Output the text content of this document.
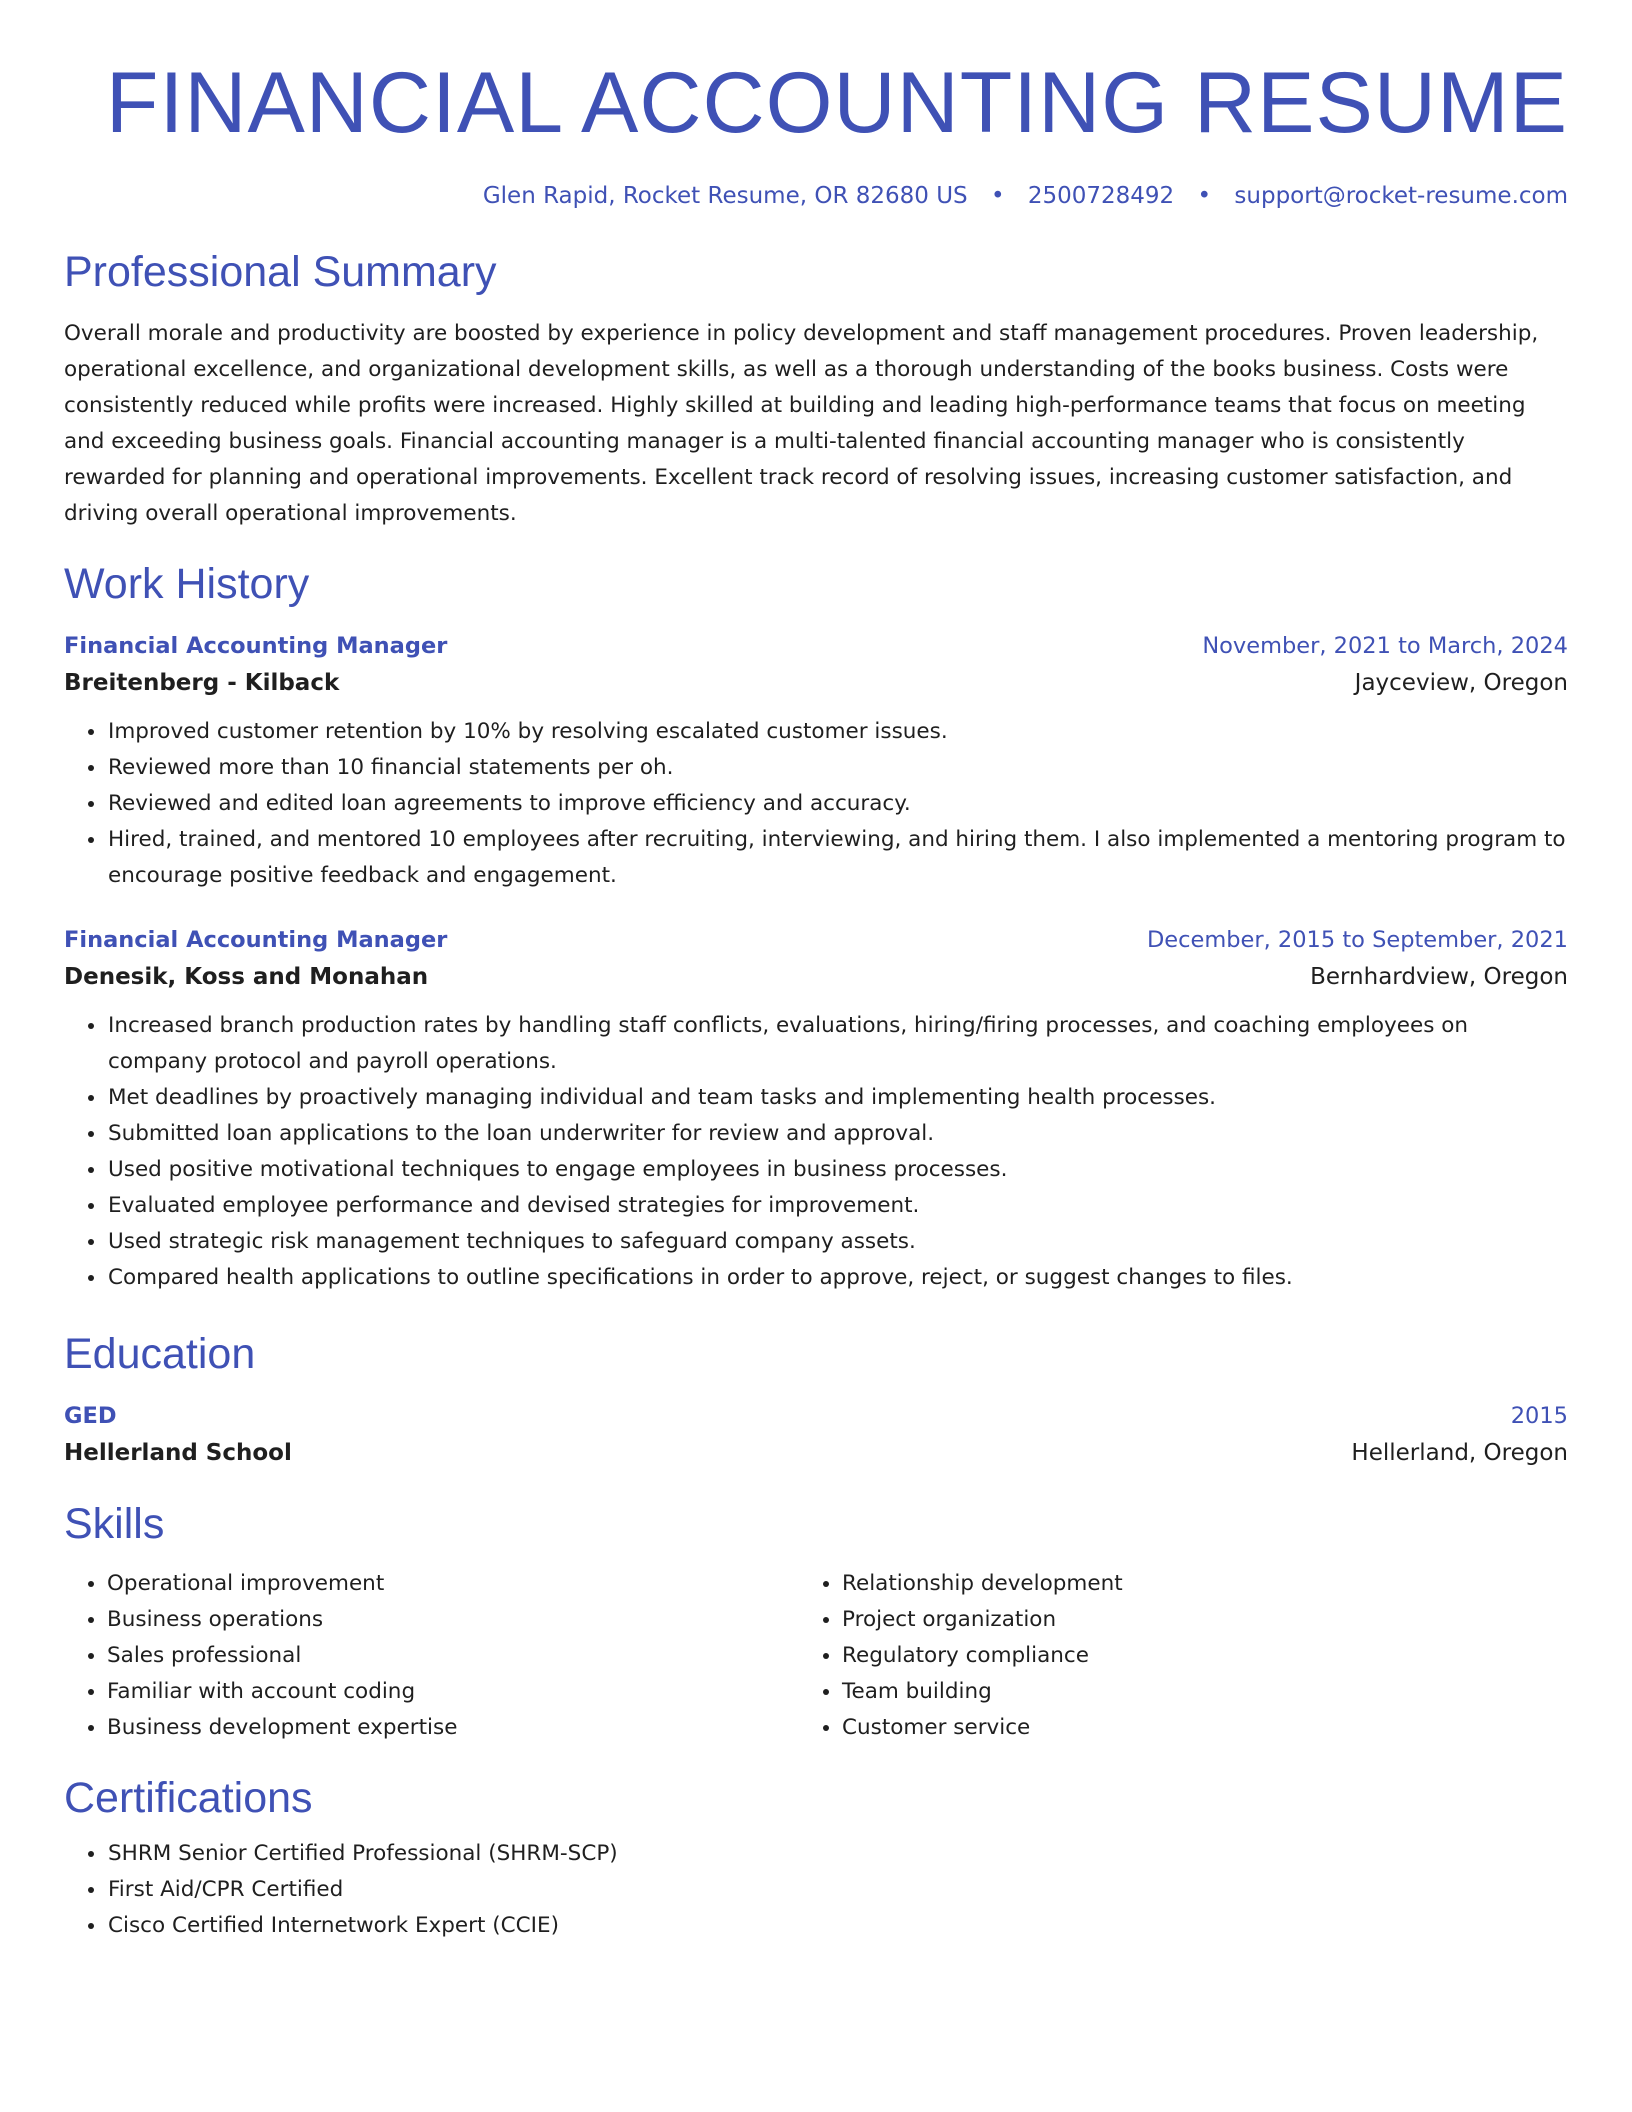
FINANCIAL ACCOUNTING RESUME
Glen Rapid, Rocket Resume, OR 82680 US • 2500728492 • support@rocket-resume.com
Professional Summary
Overall morale and productivity are boosted by experience in policy development and staff management procedures. Proven leadership, operational excellence, and organizational development skills, as well as a thorough understanding of the books business. Costs were consistently reduced while profits were increased. Highly skilled at building and leading high-performance teams that focus on meeting and exceeding business goals. Financial accounting manager is a multi-talented financial accounting manager who is consistently rewarded for planning and operational improvements. Excellent track record of resolving issues, increasing customer satisfaction, and driving overall operational improvements.
Work History
Financial Accounting Manager	November, 2021 to March, 2024
Breitenberg - Kilback	Jayceview, Oregon
• Improved customer retention by 10% by resolving escalated customer issues.
• Reviewed more than 10 financial statements per oh.
• Reviewed and edited loan agreements to improve efficiency and accuracy.
• Hired, trained, and mentored 10 employees after recruiting, interviewing, and hiring them. I also implemented a mentoring program to encourage positive feedback and engagement.
Financial Accounting Manager	December, 2015 to September, 2021
Denesik, Koss and Monahan	Bernhardview, Oregon
• Increased branch production rates by handling staff conflicts, evaluations, hiring/firing processes, and coaching employees on company protocol and payroll operations.
• Met deadlines by proactively managing individual and team tasks and implementing health processes.
• Submitted loan applications to the loan underwriter for review and approval.
• Used positive motivational techniques to engage employees in business processes.
• Evaluated employee performance and devised strategies for improvement.
• Used strategic risk management techniques to safeguard company assets.
• Compared health applications to outline specifications in order to approve, reject, or suggest changes to files.
Education
GED	2015
Hellerland School	Hellerland, Oregon
Skills
• Operational improvement
• Business operations
• Sales professional
• Familiar with account coding
• Business development expertise
• Relationship development
• Project organization
• Regulatory compliance
• Team building
• Customer service
Certifications
• SHRM Senior Certified Professional (SHRM-SCP)
• First Aid/CPR Certified
• Cisco Certified Internetwork Expert (CCIE)
